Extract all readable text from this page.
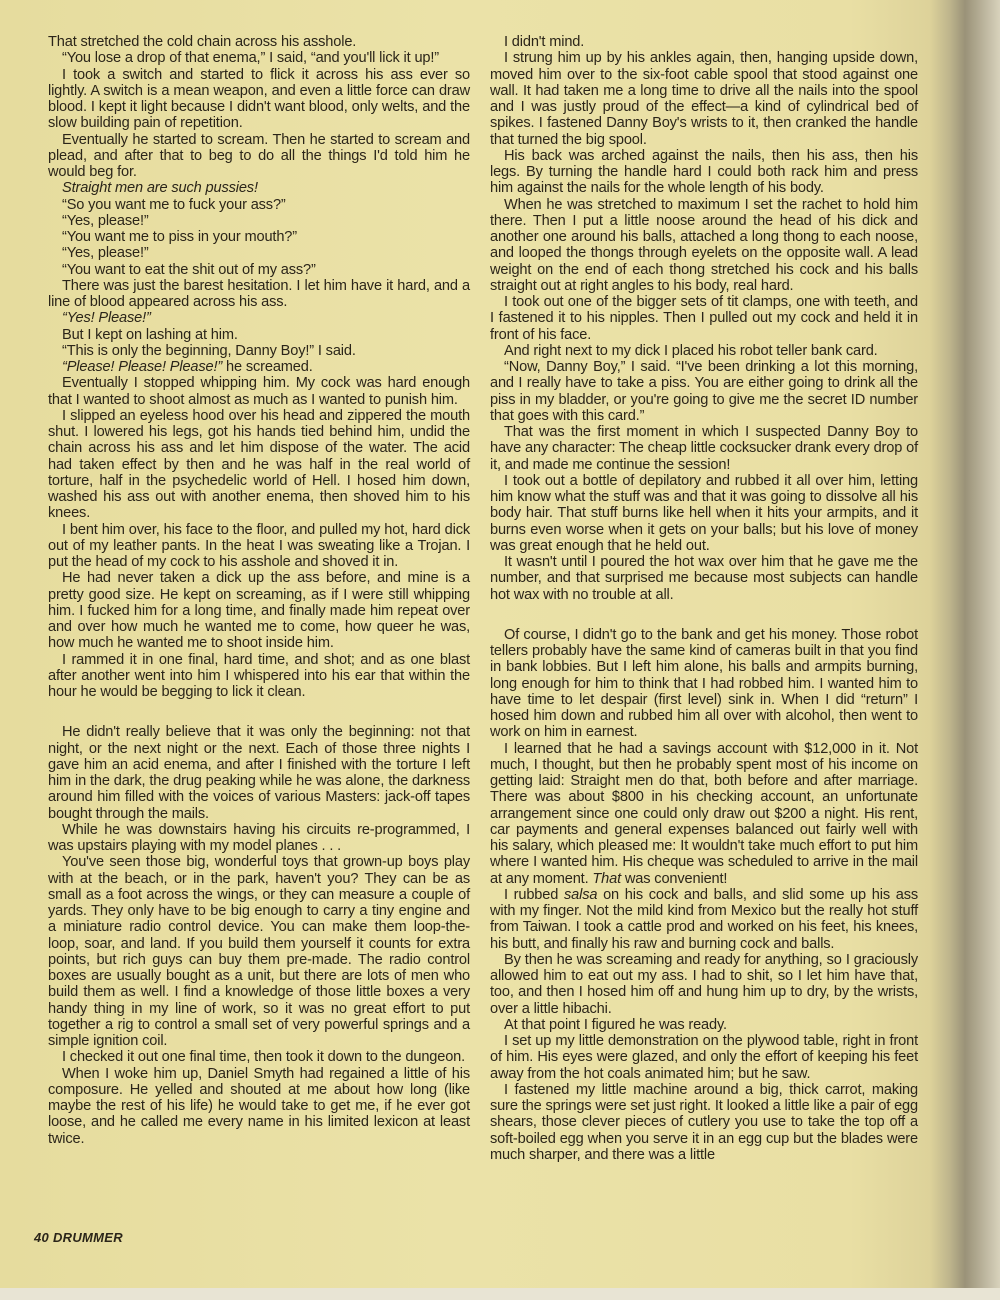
That stretched the cold chain across his asshole.

“You lose a drop of that enema,” I said, “and you'll lick it up!”

I took a switch and started to flick it across his ass ever so lightly. A switch is a mean weapon, and even a little force can draw blood. I kept it light because I didn't want blood, only welts, and the slow building pain of repetition.

Eventually he started to scream. Then he started to scream and plead, and after that to beg to do all the things I'd told him he would beg for.

Straight men are such pussies!

“So you want me to fuck your ass?”

“Yes, please!”

“You want me to piss in your mouth?”

“Yes, please!”

“You want to eat the shit out of my ass?”

There was just the barest hesitation. I let him have it hard, and a line of blood appeared across his ass.

“Yes! Please!”

But I kept on lashing at him.

“This is only the beginning, Danny Boy!” I said.

“Please! Please! Please!” he screamed.

Eventually I stopped whipping him. My cock was hard enough that I wanted to shoot almost as much as I wanted to punish him.

I slipped an eyeless hood over his head and zippered the mouth shut. I lowered his legs, got his hands tied behind him, undid the chain across his ass and let him dispose of the water. The acid had taken effect by then and he was half in the real world of torture, half in the psychedelic world of Hell. I hosed him down, washed his ass out with another enema, then shoved him to his knees.

I bent him over, his face to the floor, and pulled my hot, hard dick out of my leather pants. In the heat I was sweating like a Trojan. I put the head of my cock to his asshole and shoved it in.

He had never taken a dick up the ass before, and mine is a pretty good size. He kept on screaming, as if I were still whipping him. I fucked him for a long time, and finally made him repeat over and over how much he wanted me to come, how queer he was, how much he wanted me to shoot inside him.

I rammed it in one final, hard time, and shot; and as one blast after another went into him I whispered into his ear that within the hour he would be begging to lick it clean.

He didn't really believe that it was only the beginning: not that night, or the next night or the next. Each of those three nights I gave him an acid enema, and after I finished with the torture I left him in the dark, the drug peaking while he was alone, the darkness around him filled with the voices of various Masters: jack-off tapes bought through the mails.

While he was downstairs having his circuits re-programmed, I was upstairs playing with my model planes . . .

You've seen those big, wonderful toys that grown-up boys play with at the beach, or in the park, haven't you? They can be as small as a foot across the wings, or they can measure a couple of yards. They only have to be big enough to carry a tiny engine and a miniature radio control device. You can make them loop-the-loop, soar, and land. If you build them yourself it counts for extra points, but rich guys can buy them pre-made. The radio control boxes are usually bought as a unit, but there are lots of men who build them as well. I find a knowledge of those little boxes a very handy thing in my line of work, so it was no great effort to put together a rig to control a small set of very powerful springs and a simple ignition coil.

I checked it out one final time, then took it down to the dungeon.

When I woke him up, Daniel Smyth had regained a little of his composure. He yelled and shouted at me about how long (like maybe the rest of his life) he would take to get me, if he ever got loose, and he called me every name in his limited lexicon at least twice.

I didn't mind.

I strung him up by his ankles again, then, hanging upside down, moved him over to the six-foot cable spool that stood against one wall. It had taken me a long time to drive all the nails into the spool and I was justly proud of the effect—a kind of cylindrical bed of spikes. I fastened Danny Boy's wrists to it, then cranked the handle that turned the big spool.

His back was arched against the nails, then his ass, then his legs. By turning the handle hard I could both rack him and press him against the nails for the whole length of his body.

When he was stretched to maximum I set the rachet to hold him there. Then I put a little noose around the head of his dick and another one around his balls, attached a long thong to each noose, and looped the thongs through eyelets on the opposite wall. A lead weight on the end of each thong stretched his cock and his balls straight out at right angles to his body, real hard.

I took out one of the bigger sets of tit clamps, one with teeth, and I fastened it to his nipples. Then I pulled out my cock and held it in front of his face.

And right next to my dick I placed his robot teller bank card.

“Now, Danny Boy,” I said. “I've been drinking a lot this morning, and I really have to take a piss. You are either going to drink all the piss in my bladder, or you're going to give me the secret ID number that goes with this card.”

That was the first moment in which I suspected Danny Boy to have any character: The cheap little cocksucker drank every drop of it, and made me continue the session!

I took out a bottle of depilatory and rubbed it all over him, letting him know what the stuff was and that it was going to dissolve all his body hair. That stuff burns like hell when it hits your armpits, and it burns even worse when it gets on your balls; but his love of money was great enough that he held out.

It wasn't until I poured the hot wax over him that he gave me the number, and that surprised me because most subjects can handle hot wax with no trouble at all.

Of course, I didn't go to the bank and get his money. Those robot tellers probably have the same kind of cameras built in that you find in bank lobbies. But I left him alone, his balls and armpits burning, long enough for him to think that I had robbed him. I wanted him to have time to let despair (first level) sink in. When I did “return” I hosed him down and rubbed him all over with alcohol, then went to work on him in earnest.

I learned that he had a savings account with $12,000 in it. Not much, I thought, but then he probably spent most of his income on getting laid: Straight men do that, both before and after marriage. There was about $800 in his checking account, an unfortunate arrangement since one could only draw out $200 a night. His rent, car payments and general expenses balanced out fairly well with his salary, which pleased me: It wouldn't take much effort to put him where I wanted him. His cheque was scheduled to arrive in the mail at any moment. That was convenient!

I rubbed salsa on his cock and balls, and slid some up his ass with my finger. Not the mild kind from Mexico but the really hot stuff from Taiwan. I took a cattle prod and worked on his feet, his knees, his butt, and finally his raw and burning cock and balls.

By then he was screaming and ready for anything, so I graciously allowed him to eat out my ass. I had to shit, so I let him have that, too, and then I hosed him off and hung him up to dry, by the wrists, over a little hibachi.

At that point I figured he was ready.

I set up my little demonstration on the plywood table, right in front of him. His eyes were glazed, and only the effort of keeping his feet away from the hot coals animated him; but he saw.

I fastened my little machine around a big, thick carrot, making sure the springs were set just right. It looked a little like a pair of egg shears, those clever pieces of cutlery you use to take the top off a soft-boiled egg when you serve it in an egg cup but the blades were much sharper, and there was a little

40 DRUMMER
